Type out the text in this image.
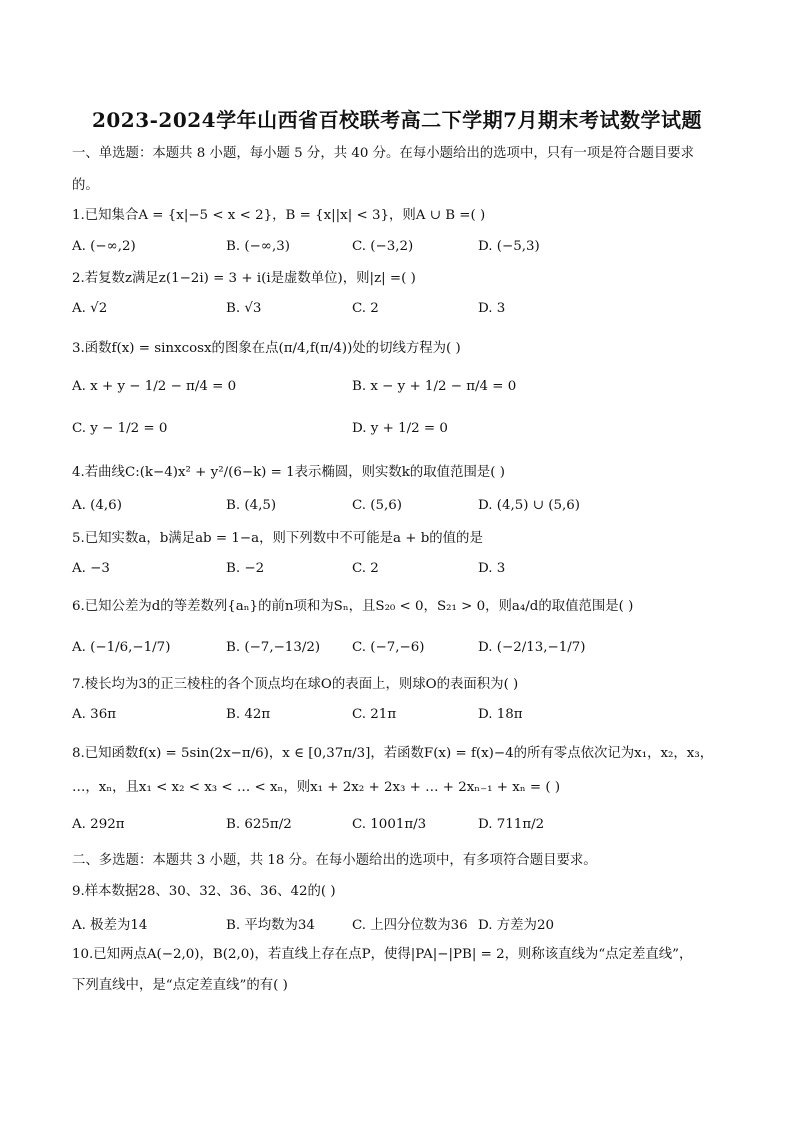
2023-2024学年山西省百校联考高二下学期7月期末考试数学试题
一、单选题：本题共 8 小题，每小题 5 分，共 40 分。在每小题给出的选项中，只有一项是符合题目要求
的。
1.已知集合A = {x|−5 < x < 2}，B = {x||x| < 3}，则A ∪ B =( )
A. (−∞,2)	B. (−∞,3)	C. (−3,2)	D. (−5,3)
2.若复数z满足z(1−2i) = 3 + i(i是虚数单位)，则|z| =( )
A. √2	B. √3	C. 2	D. 3
3.函数f(x) = sinxcosx的图象在点(π/4,f(π/4))处的切线方程为( )
A. x + y − 1/2 − π/4 = 0	B. x − y + 1/2 − π/4 = 0
C. y − 1/2 = 0	D. y + 1/2 = 0
4.若曲线C:(k−4)x² + y²/(6−k) = 1表示椭圆，则实数k的取值范围是( )
A. (4,6)	B. (4,5)	C. (5,6)	D. (4,5) ∪ (5,6)
5.已知实数a，b满足ab = 1−a，则下列数中不可能是a + b的值的是
A. −3	B. −2	C. 2	D. 3
6.已知公差为d的等差数列{aₙ}的前n项和为Sₙ，且S₂₀ < 0，S₂₁ > 0，则a₄/d的取值范围是( )
A. (−1/6,−1/7)	B. (−7,−13/2) C. (−7,−6)	D. (−2/13,−1/7)
7.棱长均为3的正三棱柱的各个顶点均在球O的表面上，则球O的表面积为( )
A. 36π	B. 42π	C. 21π	D. 18π
8.已知函数f(x) = 5sin(2x−π/6)，x ∈ [0,37π/3]，若函数F(x) = f(x)−4的所有零点依次记为x₁，x₂，x₃，
…，xₙ，且x₁ < x₂ < x₃ < … < xₙ，则x₁ + 2x₂ + 2x₃ + … + 2xₙ₋₁ + xₙ = ( )
A. 292π	B. 625π/2	C. 1001π/3	D. 711π/2
二、多选题：本题共 3 小题，共 18 分。在每小题给出的选项中，有多项符合题目要求。
9.样本数据28、30、32、36、36、42的( )
A. 极差为14	B. 平均数为34	C. 上四分位数为36 D. 方差为20
10.已知两点A(−2,0)，B(2,0)，若直线上存在点P，使得|PA|−|PB| = 2，则称该直线为“点定差直线”，
下列直线中，是“点定差直线”的有( )
